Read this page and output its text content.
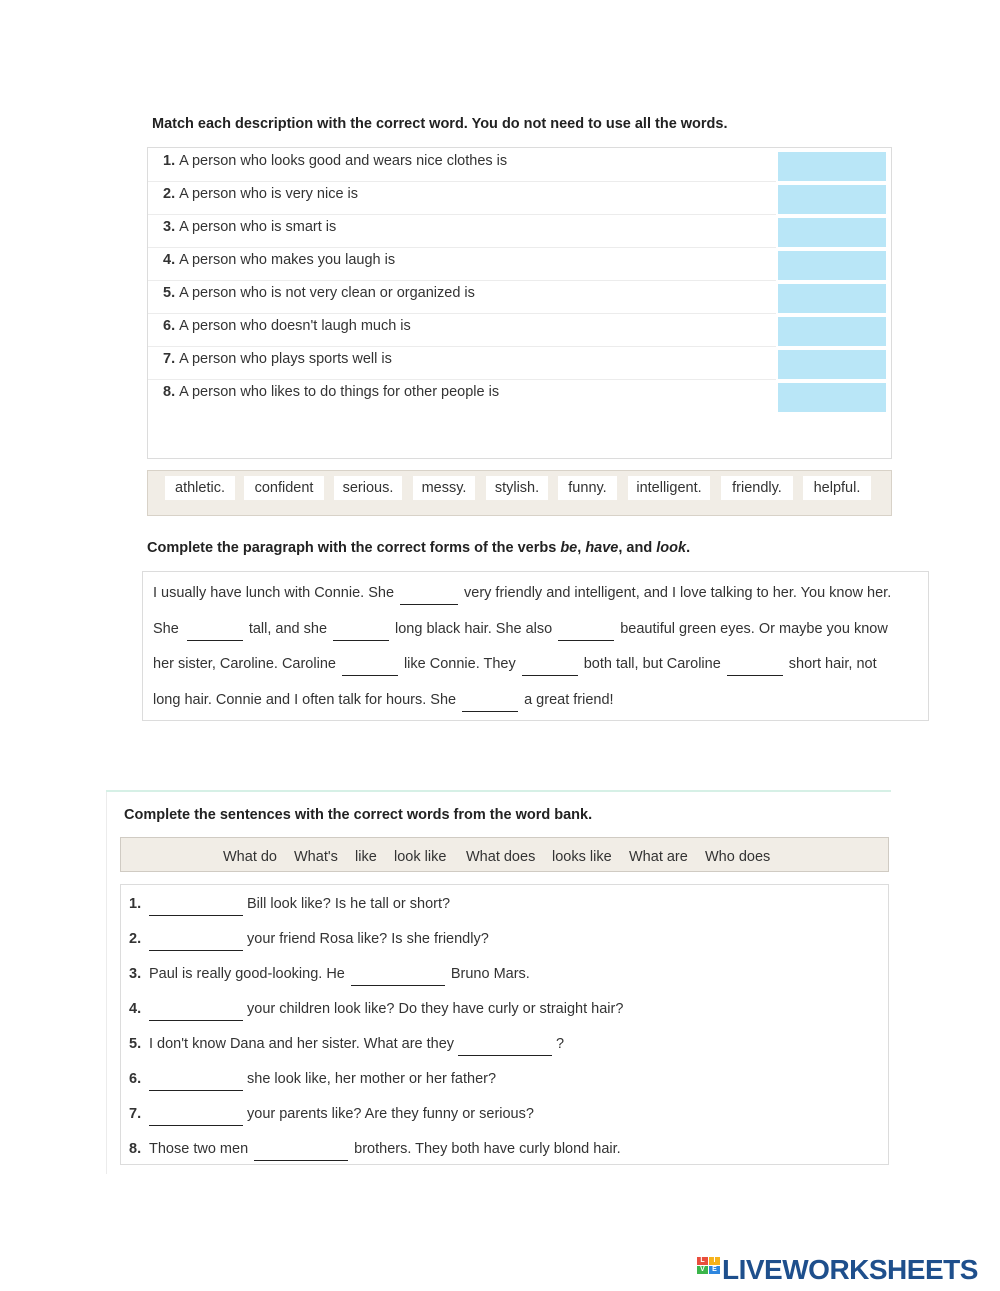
Match each description with the correct word. You do not need to use all the words.
1. A person who looks good and wears nice clothes is
2. A person who is very nice is
3. A person who is smart is
4. A person who makes you laugh is
5. A person who is not very clean or organized is
6. A person who doesn't laugh much is
7. A person who plays sports well is
8. A person who likes to do things for other people is
athletic.	confident	serious.	messy.	stylish.	funny.	intelligent.	friendly.	helpful.
Complete the paragraph with the correct forms of the verbs be, have, and look.
I usually have lunch with Connie. She	very friendly and intelligent, and I love talking to her. You know her.
She	tall, and she	long black hair. She also	beautiful green eyes. Or maybe you know
her sister, Caroline. Caroline	like Connie. They	both tall, but Caroline	short hair, not
long hair. Connie and I often talk for hours. She	a great friend!
Complete the sentences with the correct words from the word bank.
What do What's like look like What does looks like What are Who does
1.	Bill look like? Is he tall or short?
2.	your friend Rosa like? Is she friendly?
3. Paul is really good-looking. He	Bruno Mars.
4.	your children look like? Do they have curly or straight hair?
5. I don't know Dana and her sister. What are they	?
6.	she look like, her mother or her father?
7.	your parents like? Are they funny or serious?
8. Those two men	brothers. They both have curly blond hair.
L	I
V	E LIVEWORKSHEETS
